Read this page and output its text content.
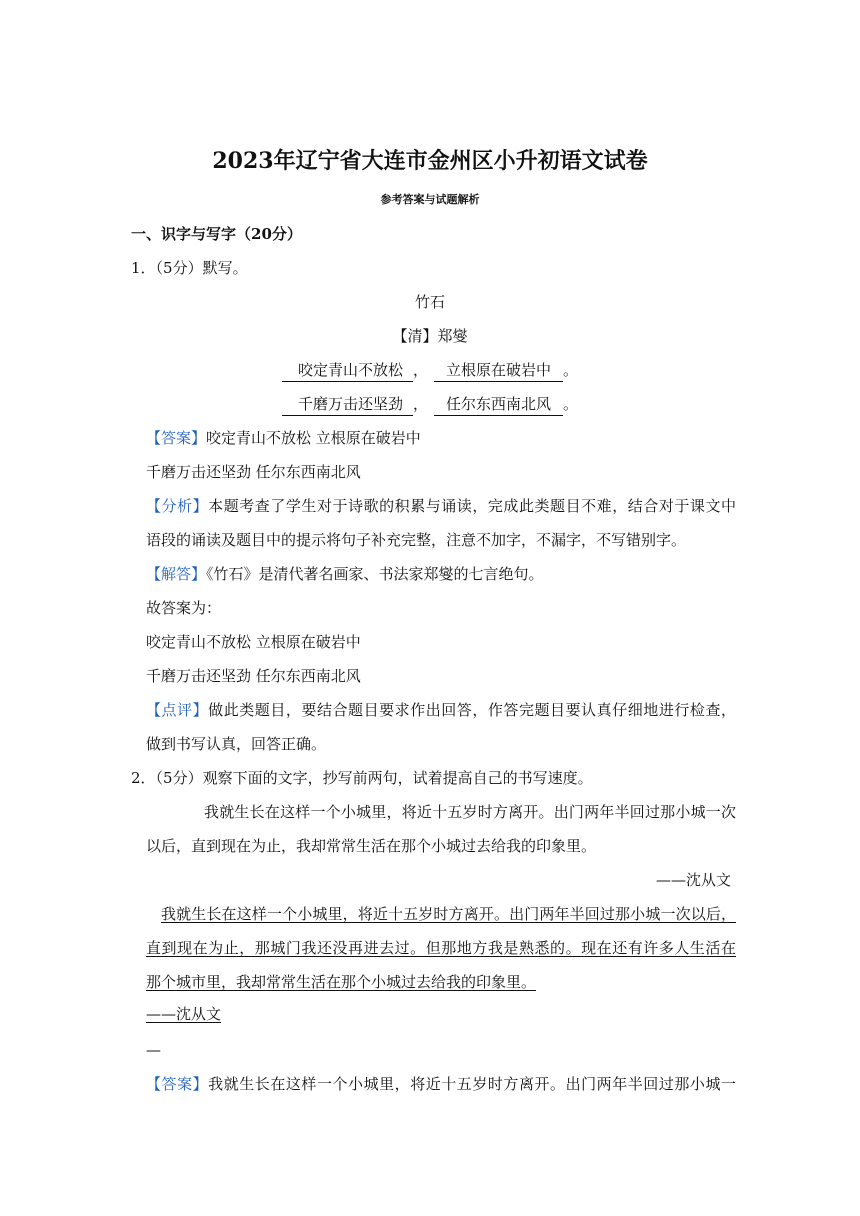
2023年辽宁省大连市金州区小升初语文试卷
参考答案与试题解析
一、识字与写字（20分）
1．（5分）默写。
竹石
【清】郑燮
咬定青山不放松 ， 立根原在破岩中 。
千磨万击还坚劲 ， 任尔东西南北风 。
【答案】咬定青山不放松 立根原在破岩中
千磨万击还坚劲 任尔东西南北风
【分析】本题考查了学生对于诗歌的积累与诵读，完成此类题目不难，结合对于课文中
语段的诵读及题目中的提示将句子补充完整，注意不加字，不漏字，不写错别字。
【解答】《竹石》是清代著名画家、书法家郑燮的七言绝句。
故答案为：
咬定青山不放松 立根原在破岩中
千磨万击还坚劲 任尔东西南北风
【点评】做此类题目，要结合题目要求作出回答，作答完题目要认真仔细地进行检查，
做到书写认真，回答正确。
2．（5分）观察下面的文字，抄写前两句，试着提高自己的书写速度。
我就生长在这样一个小城里，将近十五岁时方离开。出门两年半回过那小城一次
以后，直到现在为止，我却常常生活在那个小城过去给我的印象里。
——沈从文
我就生长在这样一个小城里，将近十五岁时方离开。出门两年半回过那小城一次以后，
直到现在为止，那城门我还没再进去过。但那地方我是熟悉的。现在还有许多人生活在
那个城市里，我却常常生活在那个小城过去给我的印象里。
——沈从文
—
【答案】我就生长在这样一个小城里，将近十五岁时方离开。出门两年半回过那小城一
